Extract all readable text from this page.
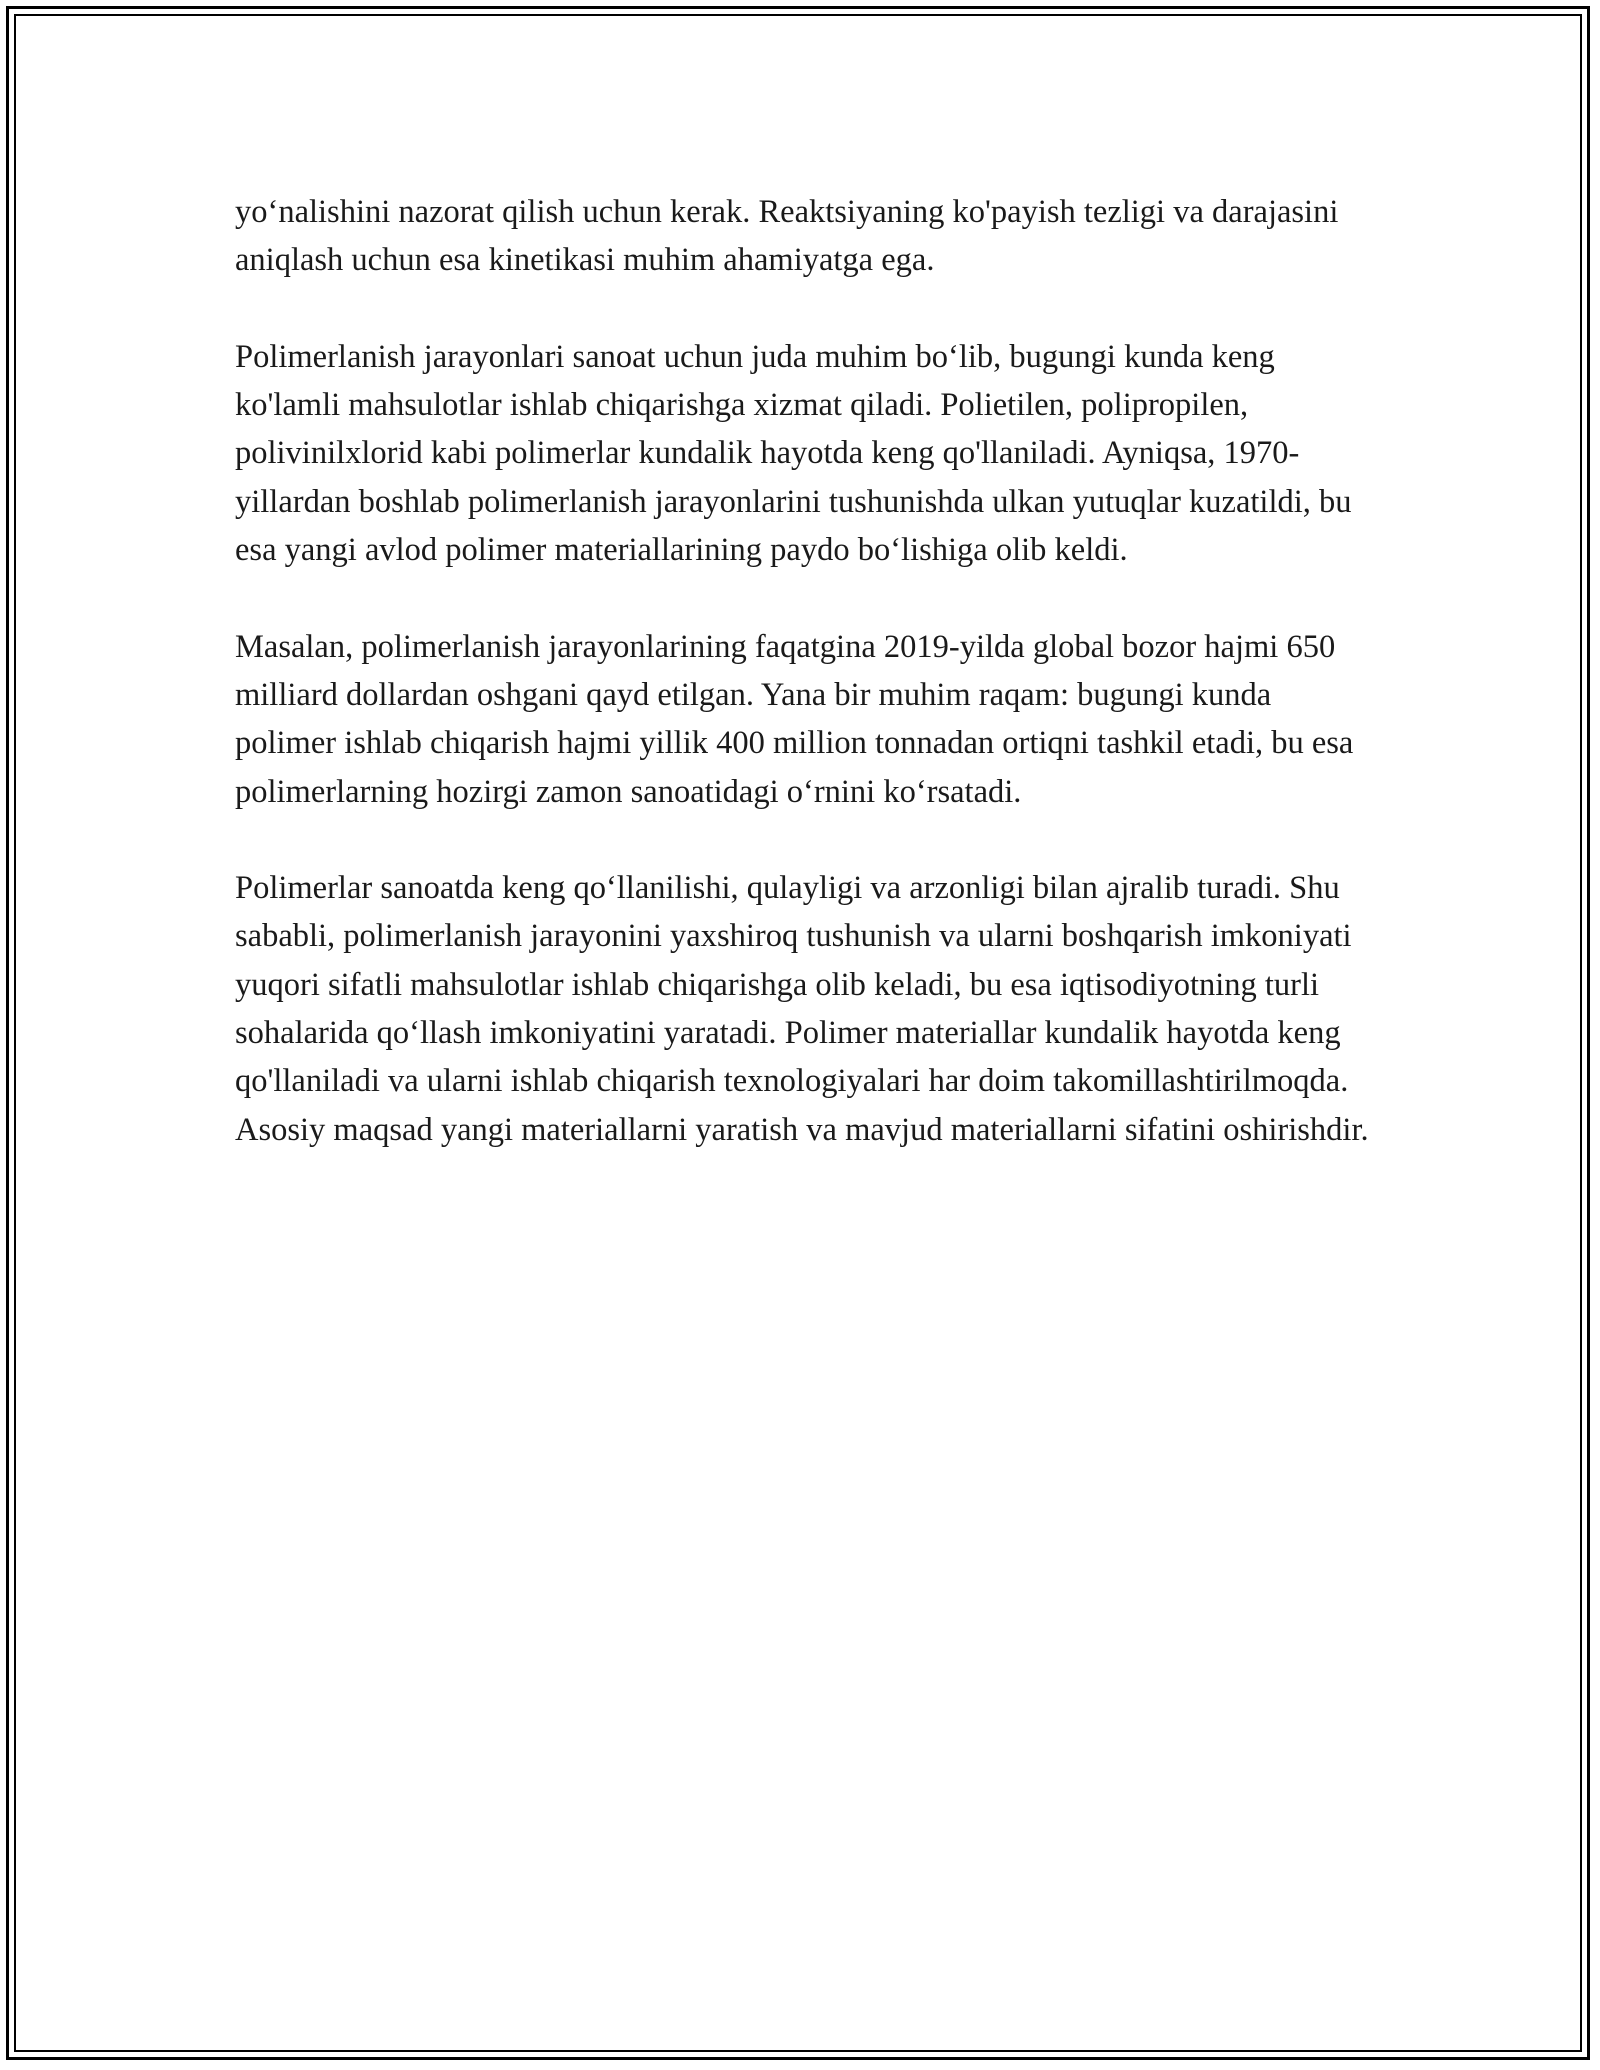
yo‘nalishini nazorat qilish uchun kerak. Reaktsiyaning ko'payish tezligi va darajasini aniqlash uchun esa kinetikasi muhim ahamiyatga ega.

Polimerlanish jarayonlari sanoat uchun juda muhim bo‘lib, bugungi kunda keng ko'lamli mahsulotlar ishlab chiqarishga xizmat qiladi. Polietilen, polipropilen, polivinilxlorid kabi polimerlar kundalik hayotda keng qo'llaniladi. Ayniqsa, 1970-yillardan boshlab polimerlanish jarayonlarini tushunishda ulkan yutuqlar kuzatildi, bu esa yangi avlod polimer materiallarining paydo bo‘lishiga olib keldi.

Masalan, polimerlanish jarayonlarining faqatgina 2019-yilda global bozor hajmi 650 milliard dollardan oshgani qayd etilgan. Yana bir muhim raqam: bugungi kunda polimer ishlab chiqarish hajmi yillik 400 million tonnadan ortiqni tashkil etadi, bu esa polimerlarning hozirgi zamon sanoatidagi o‘rnini ko‘rsatadi.

Polimerlar sanoatda keng qo‘llanilishi, qulayligi va arzonligi bilan ajralib turadi. Shu sababli, polimerlanish jarayonini yaxshiroq tushunish va ularni boshqarish imkoniyati yuqori sifatli mahsulotlar ishlab chiqarishga olib keladi, bu esa iqtisodiyotning turli sohalarida qo‘llash imkoniyatini yaratadi. Polimer materiallar kundalik hayotda keng qo'llaniladi va ularni ishlab chiqarish texnologiyalari har doim takomillashtirilmoqda. Asosiy maqsad yangi materiallarni yaratish va mavjud materiallarni sifatini oshirishdir.
